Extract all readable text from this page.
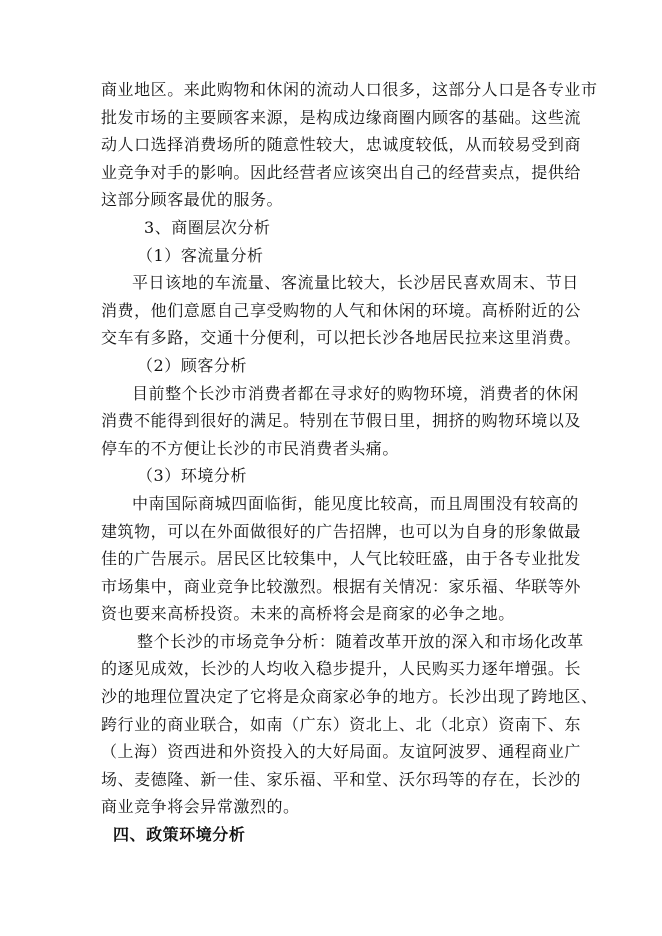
商业地区。来此购物和休闲的流动人口很多，这部分人口是各专业市
批发市场的主要顾客来源，是构成边缘商圈内顾客的基础。这些流
动人口选择消费场所的随意性较大，忠诚度较低，从而较易受到商
业竞争对手的影响。因此经营者应该突出自己的经营卖点，提供给
这部分顾客最优的服务。
3、商圈层次分析
（1）客流量分析
平日该地的车流量、客流量比较大，长沙居民喜欢周末、节日
消费，他们意愿自己享受购物的人气和休闲的环境。高桥附近的公
交车有多路，交通十分便利，可以把长沙各地居民拉来这里消费。
（2）顾客分析
目前整个长沙市消费者都在寻求好的购物环境，消费者的休闲
消费不能得到很好的满足。特别在节假日里，拥挤的购物环境以及
停车的不方便让长沙的市民消费者头痛。
（3）环境分析
中南国际商城四面临街，能见度比较高，而且周围没有较高的
建筑物，可以在外面做很好的广告招牌，也可以为自身的形象做最
佳的广告展示。居民区比较集中，人气比较旺盛，由于各专业批发
市场集中，商业竞争比较激烈。根据有关情况：家乐福、华联等外
资也要来高桥投资。未来的高桥将会是商家的必争之地。
整个长沙的市场竞争分析：随着改革开放的深入和市场化改革
的逐见成效，长沙的人均收入稳步提升，人民购买力逐年增强。长
沙的地理位置决定了它将是众商家必争的地方。长沙出现了跨地区、
跨行业的商业联合，如南（广东）资北上、北（北京）资南下、东
（上海）资西进和外资投入的大好局面。友谊阿波罗、通程商业广
场、麦德隆、新一佳、家乐福、平和堂、沃尔玛等的存在，长沙的
商业竞争将会异常激烈的。
四、政策环境分析
